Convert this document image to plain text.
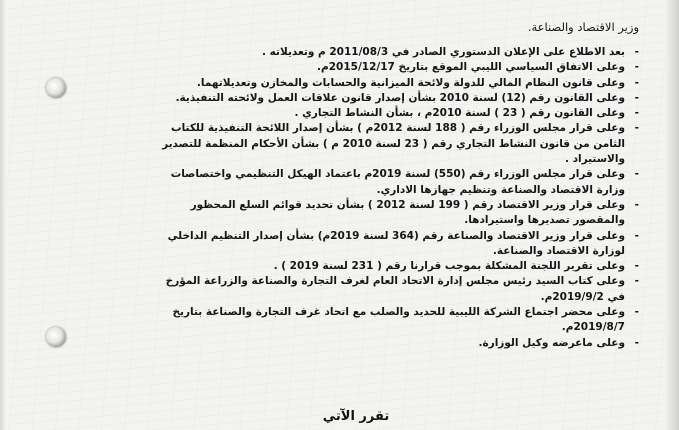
وزير الاقتصاد والصناعة.
- بعد الاطلاع على الإعلان الدستوري الصادر في 2011/08/3 م وتعديلاته .
- وعلى الاتفاق السياسي الليبي الموقع بتاريخ 2015/12/17م.
- وعلى قانون النظام المالي للدولة ولائحة الميزانية والحسابات والمخازن وتعديلاتهما.
- وعلى القانون رقم (12) لسنة 2010 بشأن إصدار قانون علاقات العمل ولائحته التنفيذية.
- وعلى القانون رقم ( 23 ) لسنة 2010م ، بشأن النشاط التجاري .
- وعلى قرار مجلس الوزراء رقم ( 188 لسنة 2012م ) بشأن إصدار اللائحة التنفيذية للكتاب الثامن من قانون النشاط التجاري رقم ( 23 لسنة 2010 م ) بشأن الأحكام المنظمة للتصدير والاستيراد .
- وعلى قرار مجلس الوزراء رقم (550) لسنة 2019م باعتماد الهيكل التنظيمي واختصاصات وزارة الاقتصاد والصناعة وتنظيم جهازها الاداري.
- وعلى قرار وزير الاقتصاد رقم ( 199 لسنة 2012 ) بشأن تحديد قوائم السلع المحظور والمقصور تصديرها واستيرادها.
- وعلى قرار وزير الاقتصاد والصناعة رقم (364 لسنة 2019م) بشأن إصدار التنظيم الداخلي لوزارة الاقتصاد والصناعة.
- وعلى تقرير اللجنة المشكلة بموجب قرارنا رقم ( 231 لسنة 2019 ) .
- وعلى كتاب السيد رئيس مجلس إدارة الاتحاد العام لغرف التجارة والصناعة والزراعة المؤرخ في 2019/9/2م.
- وعلى محضر اجتماع الشركة الليبية للحديد والصلب مع اتحاد غرف التجارة والصناعة بتاريخ 2019/8/7م.
- وعلى ماعرضه وكيل الوزارة.
تقرر الآتي
